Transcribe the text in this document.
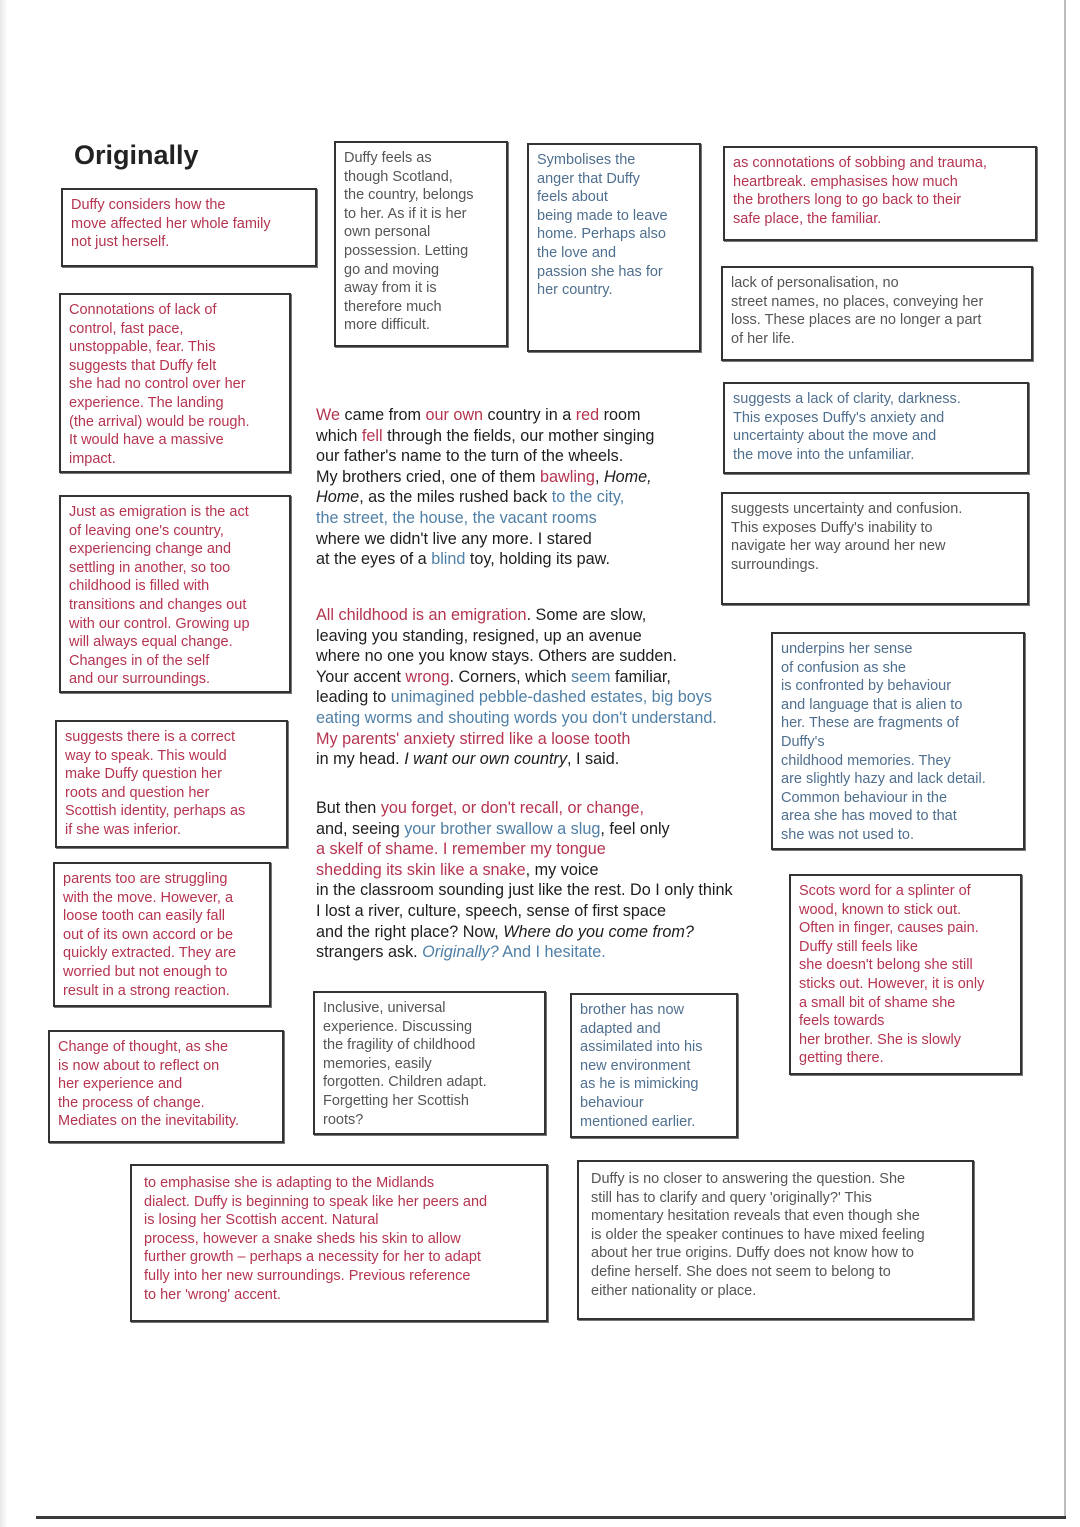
Originally
Duffy considers how the
move affected her whole family
not just herself.
Duffy feels as
though Scotland,
the country, belongs
to her. As if it is her
own personal
possession. Letting
go and moving
away from it is
therefore much
more difficult.
Symbolises the
anger that Duffy
feels about
being made to leave
home. Perhaps also
the love and
passion she has for
her country.
as connotations of sobbing and trauma,
heartbreak. emphasises how much
the brothers long to go back to their
safe place, the familiar.
lack of personalisation, no
street names, no places, conveying her
loss. These places are no longer a part
of her life.
Connotations of lack of
control, fast pace,
unstoppable, fear. This
suggests that Duffy felt
she had no control over her
experience. The landing
(the arrival) would be rough.
It would have a massive
impact.
suggests a lack of clarity, darkness.
This exposes Duffy's anxiety and
uncertainty about the move and
the move into the unfamiliar.
Just as emigration is the act
of leaving one's country,
experiencing change and
settling in another, so too
childhood is filled with
transitions and changes out
with our control. Growing up
will always equal change.
Changes in of the self
and our surroundings.
suggests uncertainty and confusion.
This exposes Duffy's inability to
navigate her way around her new
surroundings.
underpins her sense
of confusion as she
is confronted by behaviour
and language that is alien to
her. These are fragments of
Duffy's
childhood memories. They
are slightly hazy and lack detail.
Common behaviour in the
area she has moved to that
she was not used to.
suggests there is a correct
way to speak. This would
make Duffy question her
roots and question her
Scottish identity, perhaps as
if she was inferior.
parents too are struggling
with the move. However, a
loose tooth can easily fall
out of its own accord or be
quickly extracted. They are
worried but not enough to
result in a strong reaction.
Scots word for a splinter of
wood, known to stick out.
Often in finger, causes pain.
Duffy still feels like
she doesn't belong she still
sticks out. However, it is only
a small bit of shame she
feels towards
her brother. She is slowly
getting there.
Change of thought, as she
is now about to reflect on
her experience and
the process of change.
Mediates on the inevitability.
Inclusive, universal
experience. Discussing
the fragility of childhood
memories, easily
forgotten. Children adapt.
Forgetting her Scottish
roots?
brother has now
adapted and
assimilated into his
new environment
as he is mimicking
behaviour
mentioned earlier.
to emphasise she is adapting to the Midlands
dialect. Duffy is beginning to speak like her peers and
is losing her Scottish accent. Natural
process, however a snake sheds his skin to allow
further growth – perhaps a necessity for her to adapt
fully into her new surroundings. Previous reference
to her 'wrong' accent.
Duffy is no closer to answering the question. She
still has to clarify and query 'originally?' This
momentary hesitation reveals that even though she
is older the speaker continues to have mixed feeling
about her true origins. Duffy does not know how to
define herself. She does not seem to belong to
either nationality or place.
We came from our own country in a red room
which fell through the fields, our mother singing
our father's name to the turn of the wheels.
My brothers cried, one of them bawling, Home,
Home, as the miles rushed back to the city,
the street, the house, the vacant rooms
where we didn't live any more. I stared
at the eyes of a blind toy, holding its paw.
All childhood is an emigration. Some are slow,
leaving you standing, resigned, up an avenue
where no one you know stays. Others are sudden.
Your accent wrong. Corners, which seem familiar,
leading to unimagined pebble-dashed estates, big boys
eating worms and shouting words you don't understand.
My parents' anxiety stirred like a loose tooth
in my head. I want our own country, I said.
But then you forget, or don't recall, or change,
and, seeing your brother swallow a slug, feel only
a skelf of shame. I remember my tongue
shedding its skin like a snake, my voice
in the classroom sounding just like the rest. Do I only think
I lost a river, culture, speech, sense of first space
and the right place? Now, Where do you come from?
strangers ask. Originally? And I hesitate.
